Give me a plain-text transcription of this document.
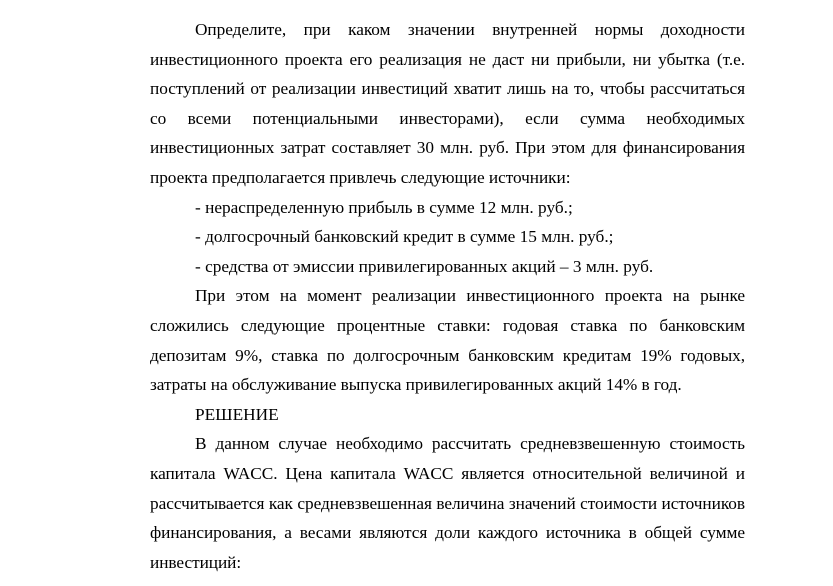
Определите, при каком значении внутренней нормы доходности инвестиционного проекта его реализация не даст ни прибыли, ни убытка (т.е. поступлений от реализации инвестиций хватит лишь на то, чтобы рассчитаться со всеми потенциальными инвесторами), если сумма необходимых инвестиционных затрат составляет 30 млн. руб. При этом для финансирования проекта предполагается привлечь следующие источники:

- нераспределенную прибыль в сумме 12 млн. руб.;

- долгосрочный банковский кредит в сумме 15 млн. руб.;

- средства от эмиссии привилегированных акций – 3 млн. руб.

При этом на момент реализации инвестиционного проекта на рынке сложились следующие процентные ставки: годовая ставка по банковским депозитам 9%, ставка по долгосрочным банковским кредитам 19% годовых, затраты на обслуживание выпуска привилегированных акций 14% в год.

РЕШЕНИЕ

В данном случае необходимо рассчитать средневзвешенную стоимость капитала WACC. Цена капитала WACC является относительной величиной и рассчитывается как средневзвешенная величина значений стоимости источников финансирования, а весами являются доли каждого источника в общей сумме инвестиций:
